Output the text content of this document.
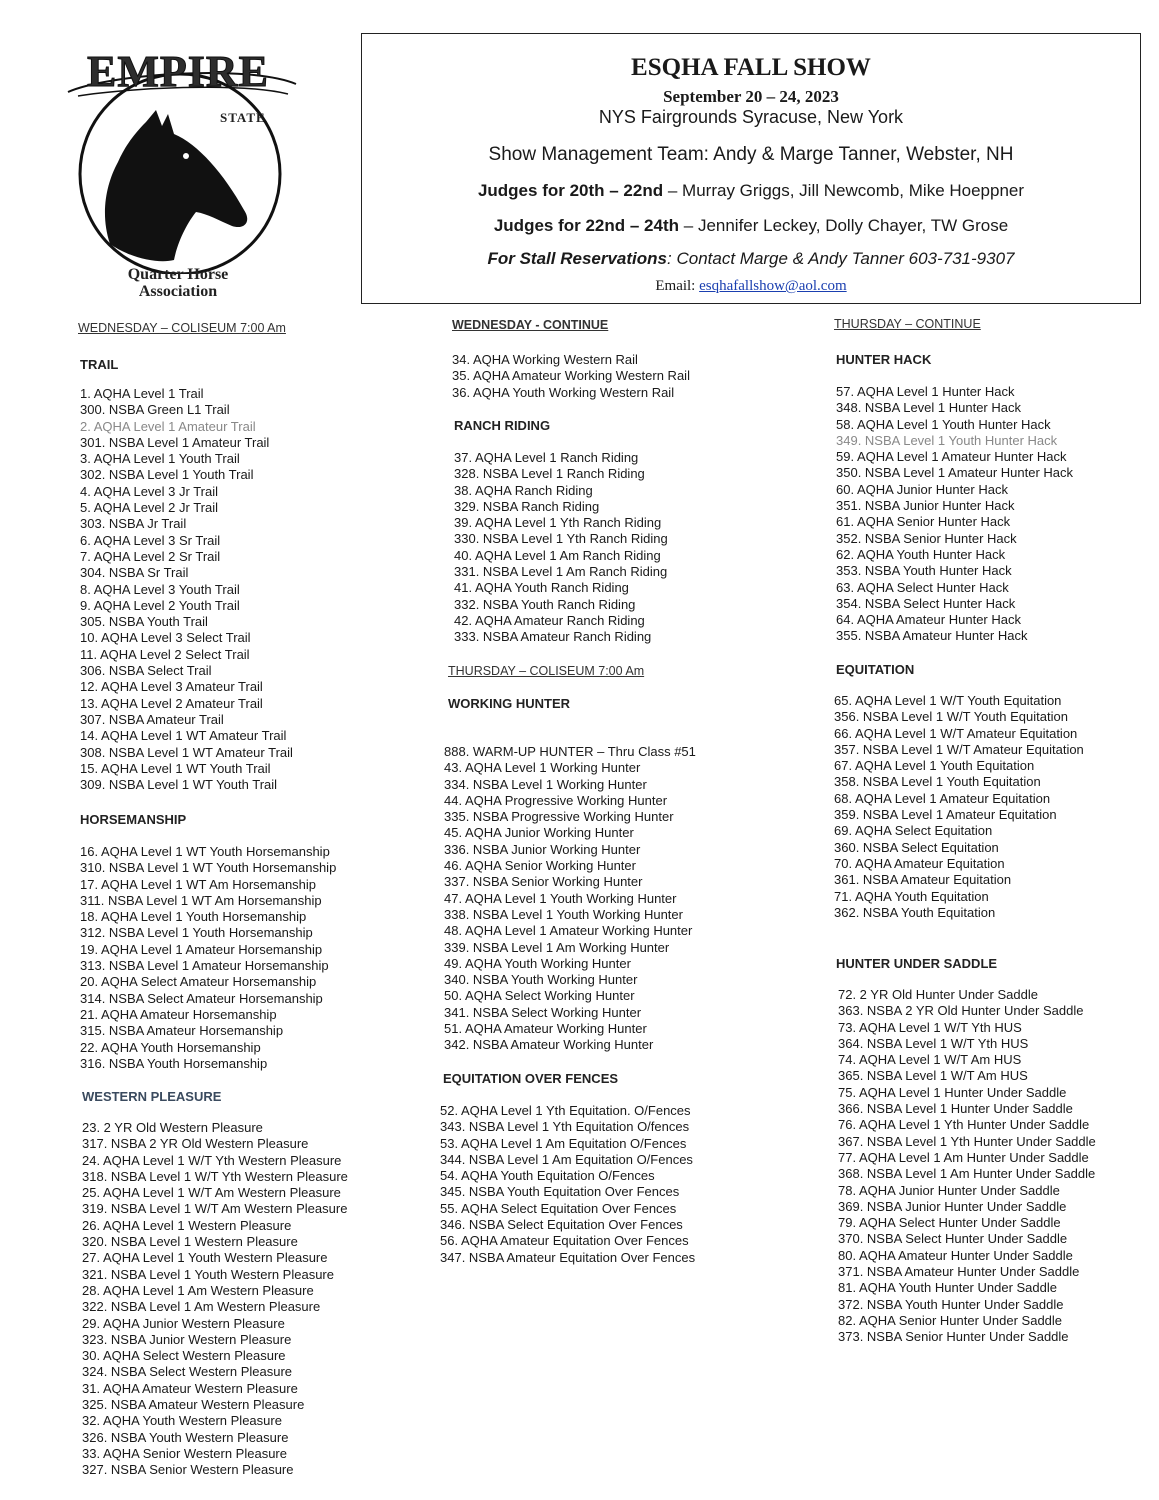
EMPIRE
STATE
Quarter Horse
Association
ESQHA FALL SHOW
September 20 – 24, 2023
NYS Fairgrounds Syracuse, New York
Show Management Team: Andy & Marge Tanner, Webster, NH
Judges for 20th – 22nd – Murray Griggs, Jill Newcomb, Mike Hoeppner
Judges for 22nd – 24th – Jennifer Leckey, Dolly Chayer, TW Grose
For Stall Reservations: Contact Marge & Andy Tanner 603-731-9307
Email: esqhafallshow@aol.com
WEDNESDAY – COLISEUM 7:00 Am
TRAIL
1. AQHA Level 1 Trail
300. NSBA Green L1 Trail
2. AQHA Level 1 Amateur Trail
301. NSBA Level 1 Amateur Trail
3. AQHA Level 1 Youth Trail
302. NSBA Level 1 Youth Trail
4. AQHA Level 3 Jr Trail
5. AQHA Level 2 Jr Trail
303. NSBA Jr Trail
6. AQHA Level 3 Sr Trail
7. AQHA Level 2 Sr Trail
304. NSBA Sr Trail
8. AQHA Level 3 Youth Trail
9. AQHA Level 2 Youth Trail
305. NSBA Youth Trail
10. AQHA Level 3 Select Trail
11. AQHA Level 2 Select Trail
306. NSBA Select Trail
12. AQHA Level 3 Amateur Trail
13. AQHA Level 2 Amateur Trail
307. NSBA Amateur Trail
14. AQHA Level 1 WT Amateur Trail
308. NSBA Level 1 WT Amateur Trail
15. AQHA Level 1 WT Youth Trail
309. NSBA Level 1 WT Youth Trail
HORSEMANSHIP
16. AQHA Level 1 WT Youth Horsemanship
310. NSBA Level 1 WT Youth Horsemanship
17. AQHA Level 1 WT Am Horsemanship
311. NSBA Level 1 WT Am Horsemanship
18. AQHA Level 1 Youth Horsemanship
312. NSBA Level 1 Youth Horsemanship
19. AQHA Level 1 Amateur Horsemanship
313. NSBA Level 1 Amateur Horsemanship
20. AQHA Select Amateur Horsemanship
314. NSBA Select Amateur Horsemanship
21. AQHA Amateur Horsemanship
315. NSBA Amateur Horsemanship
22. AQHA Youth Horsemanship
316. NSBA Youth Horsemanship
WESTERN PLEASURE
23. 2 YR Old Western Pleasure
317. NSBA 2 YR Old Western Pleasure
24. AQHA Level 1 W/T Yth Western Pleasure
318. NSBA Level 1 W/T Yth Western Pleasure
25. AQHA Level 1 W/T Am Western Pleasure
319. NSBA Level 1 W/T Am Western Pleasure
26. AQHA Level 1 Western Pleasure
320. NSBA Level 1 Western Pleasure
27. AQHA Level 1 Youth Western Pleasure
321. NSBA Level 1 Youth Western Pleasure
28. AQHA Level 1 Am Western Pleasure
322. NSBA Level 1 Am Western Pleasure
29. AQHA Junior Western Pleasure
323. NSBA Junior Western Pleasure
30. AQHA Select Western Pleasure
324. NSBA Select Western Pleasure
31. AQHA Amateur Western Pleasure
325. NSBA Amateur Western Pleasure
32. AQHA Youth Western Pleasure
326. NSBA Youth Western Pleasure
33. AQHA Senior Western Pleasure
327. NSBA Senior Western Pleasure
WEDNESDAY - CONTINUE
34. AQHA Working Western Rail
35. AQHA Amateur Working Western Rail
36. AQHA Youth Working Western Rail
RANCH RIDING
37. AQHA Level 1 Ranch Riding
328. NSBA Level 1 Ranch Riding
38. AQHA Ranch Riding
329. NSBA Ranch Riding
39. AQHA Level 1 Yth Ranch Riding
330. NSBA Level 1 Yth Ranch Riding
40. AQHA Level 1 Am Ranch Riding
331. NSBA Level 1 Am Ranch Riding
41. AQHA Youth Ranch Riding
332. NSBA Youth Ranch Riding
42. AQHA Amateur Ranch Riding
333. NSBA Amateur Ranch Riding
THURSDAY – COLISEUM 7:00 Am
WORKING HUNTER
888. WARM-UP HUNTER – Thru Class #51
43. AQHA Level 1 Working Hunter
334. NSBA Level 1 Working Hunter
44. AQHA Progressive Working Hunter
335. NSBA Progressive Working Hunter
45. AQHA Junior Working Hunter
336. NSBA Junior Working Hunter
46. AQHA Senior Working Hunter
337. NSBA Senior Working Hunter
47. AQHA Level 1 Youth Working Hunter
338. NSBA Level 1 Youth Working Hunter
48. AQHA Level 1 Amateur Working Hunter
339. NSBA Level 1 Am Working Hunter
49. AQHA Youth Working Hunter
340. NSBA Youth Working Hunter
50. AQHA Select Working Hunter
341. NSBA Select Working Hunter
51. AQHA Amateur Working Hunter
342. NSBA Amateur Working Hunter
EQUITATION OVER FENCES
52. AQHA Level 1 Yth Equitation. O/Fences
343. NSBA Level 1 Yth Equitation O/fences
53. AQHA Level 1 Am Equitation O/Fences
344. NSBA Level 1 Am Equitation O/Fences
54. AQHA Youth Equitation O/Fences
345. NSBA Youth Equitation Over Fences
55. AQHA Select Equitation Over Fences
346. NSBA Select Equitation Over Fences
56. AQHA Amateur Equitation Over Fences
347. NSBA Amateur Equitation Over Fences
THURSDAY – CONTINUE
HUNTER HACK
57. AQHA Level 1 Hunter Hack
348. NSBA Level 1 Hunter Hack
58. AQHA Level 1 Youth Hunter Hack
349. NSBA Level 1 Youth Hunter Hack
59. AQHA Level 1 Amateur Hunter Hack
350. NSBA Level 1 Amateur Hunter Hack
60. AQHA Junior Hunter Hack
351. NSBA Junior Hunter Hack
61. AQHA Senior Hunter Hack
352. NSBA Senior Hunter Hack
62. AQHA Youth Hunter Hack
353. NSBA Youth Hunter Hack
63. AQHA Select Hunter Hack
354. NSBA Select Hunter Hack
64. AQHA Amateur Hunter Hack
355. NSBA Amateur Hunter Hack
EQUITATION
65. AQHA Level 1 W/T Youth Equitation
356. NSBA Level 1 W/T Youth Equitation
66. AQHA Level 1 W/T Amateur Equitation
357. NSBA Level 1 W/T Amateur Equitation
67. AQHA Level 1 Youth Equitation
358. NSBA Level 1 Youth Equitation
68. AQHA Level 1 Amateur Equitation
359. NSBA Level 1 Amateur Equitation
69. AQHA Select Equitation
360. NSBA Select Equitation
70. AQHA Amateur Equitation
361. NSBA Amateur Equitation
71. AQHA Youth Equitation
362. NSBA Youth Equitation
HUNTER UNDER SADDLE
72. 2 YR Old Hunter Under Saddle
363. NSBA 2 YR Old Hunter Under Saddle
73. AQHA Level 1 W/T Yth HUS
364. NSBA Level 1 W/T Yth HUS
74. AQHA Level 1 W/T Am HUS
365. NSBA Level 1 W/T Am HUS
75. AQHA Level 1 Hunter Under Saddle
366. NSBA Level 1 Hunter Under Saddle
76. AQHA Level 1 Yth Hunter Under Saddle
367. NSBA Level 1 Yth Hunter Under Saddle
77. AQHA Level 1 Am Hunter Under Saddle
368. NSBA Level 1 Am Hunter Under Saddle
78. AQHA Junior Hunter Under Saddle
369. NSBA Junior Hunter Under Saddle
79. AQHA Select Hunter Under Saddle
370. NSBA Select Hunter Under Saddle
80. AQHA Amateur Hunter Under Saddle
371. NSBA Amateur Hunter Under Saddle
81. AQHA Youth Hunter Under Saddle
372. NSBA Youth Hunter Under Saddle
82. AQHA Senior Hunter Under Saddle
373. NSBA Senior Hunter Under Saddle
